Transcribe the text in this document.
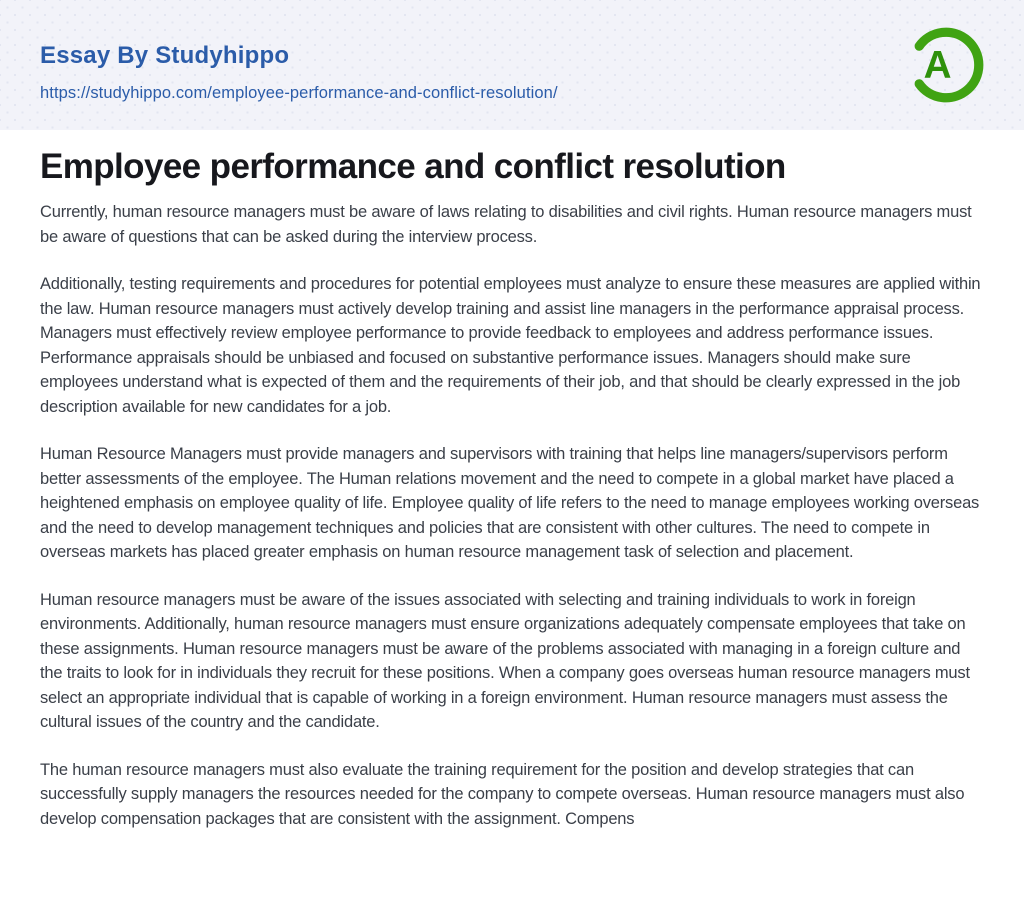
Essay By Studyhippo
https://studyhippo.com/employee-performance-and-conflict-resolution/
A
Employee performance and conflict resolution

Currently, human resource managers must be aware of laws relating to disabilities and civil rights. Human resource managers must be aware of questions that can be asked during the interview process.

Additionally, testing requirements and procedures for potential employees must analyze to ensure these measures are applied within the law. Human resource managers must actively develop training and assist line managers in the performance appraisal process. Managers must effectively review employee performance to provide feedback to employees and address performance issues. Performance appraisals should be unbiased and focused on substantive performance issues. Managers should make sure employees understand what is expected of them and the requirements of their job, and that should be clearly expressed in the job description available for new candidates for a job.

Human Resource Managers must provide managers and supervisors with training that helps line managers/supervisors perform better assessments of the employee. The Human relations movement and the need to compete in a global market have placed a heightened emphasis on employee quality of life. Employee quality of life refers to the need to manage employees working overseas and the need to develop management techniques and policies that are consistent with other cultures. The need to compete in overseas markets has placed greater emphasis on human resource management task of selection and placement.

Human resource managers must be aware of the issues associated with selecting and training individuals to work in foreign environments. Additionally, human resource managers must ensure organizations adequately compensate employees that take on these assignments. Human resource managers must be aware of the problems associated with managing in a foreign culture and the traits to look for in individuals they recruit for these positions. When a company goes overseas human resource managers must select an appropriate individual that is capable of working in a foreign environment. Human resource managers must assess the cultural issues of the country and the candidate.

The human resource managers must also evaluate the training requirement for the position and develop strategies that can successfully supply managers the resources needed for the company to compete overseas. Human resource managers must also develop compensation packages that are consistent with the assignment. Compens
